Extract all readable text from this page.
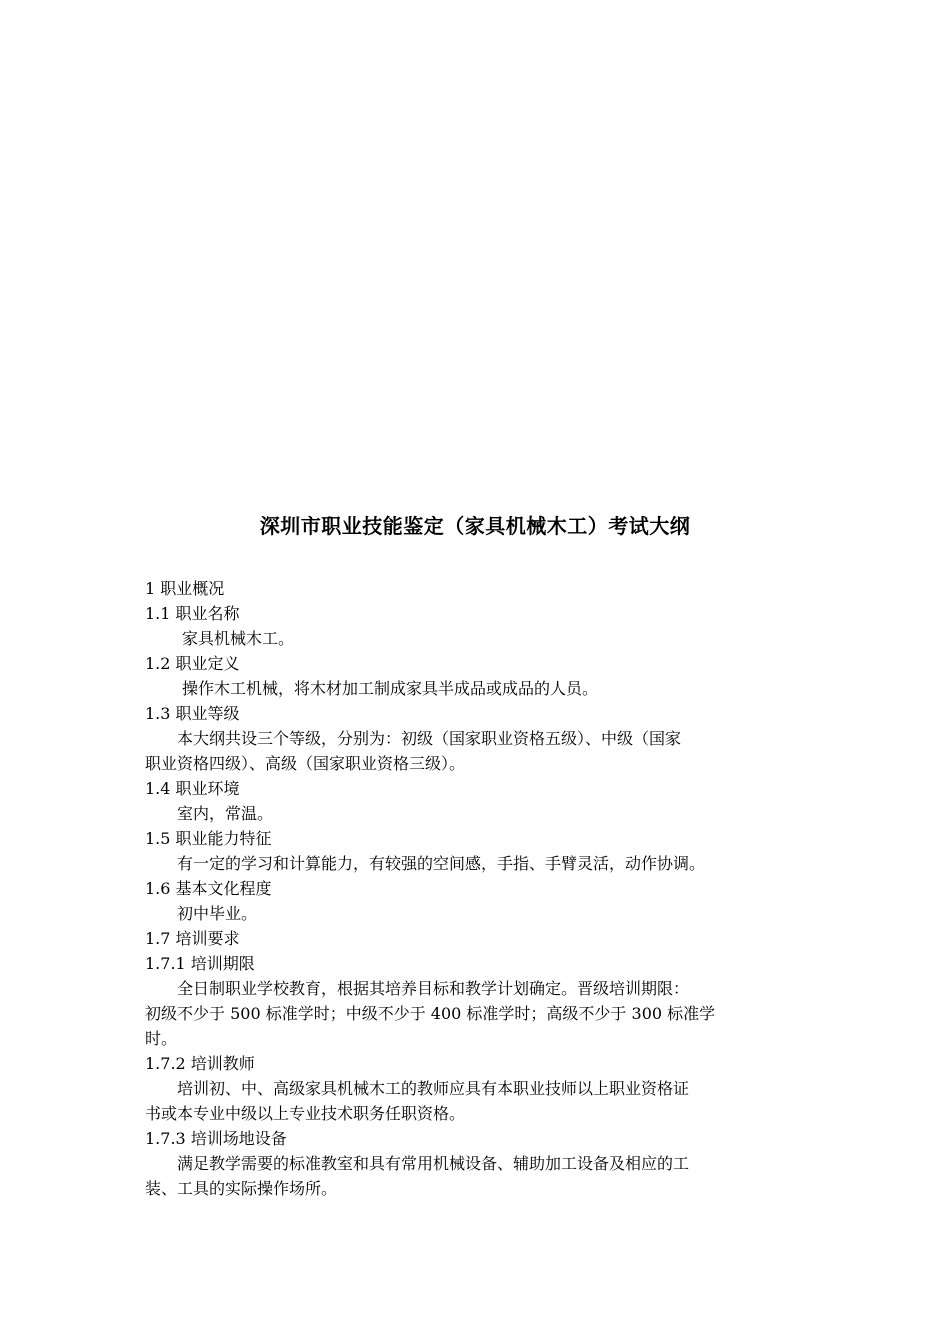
深圳市职业技能鉴定（家具机械木工）考试大纲
1 职业概况
1.1 职业名称
家具机械木工。
1.2 职业定义
操作木工机械，将木材加工制成家具半成品或成品的人员。
1.3 职业等级
本大纲共设三个等级，分别为：初级（国家职业资格五级）、中级（国家
职业资格四级）、高级（国家职业资格三级）。
1.4 职业环境
室内，常温。
1.5 职业能力特征
有一定的学习和计算能力，有较强的空间感，手指、手臂灵活，动作协调。
1.6 基本文化程度
初中毕业。
1.7 培训要求
1.7.1 培训期限
全日制职业学校教育，根据其培养目标和教学计划确定。晋级培训期限：
初级不少于 500 标准学时；中级不少于 400 标准学时；高级不少于 300 标准学
时。
1.7.2 培训教师
培训初、中、高级家具机械木工的教师应具有本职业技师以上职业资格证
书或本专业中级以上专业技术职务任职资格。
1.7.3 培训场地设备
满足教学需要的标准教室和具有常用机械设备、辅助加工设备及相应的工
装、工具的实际操作场所。
